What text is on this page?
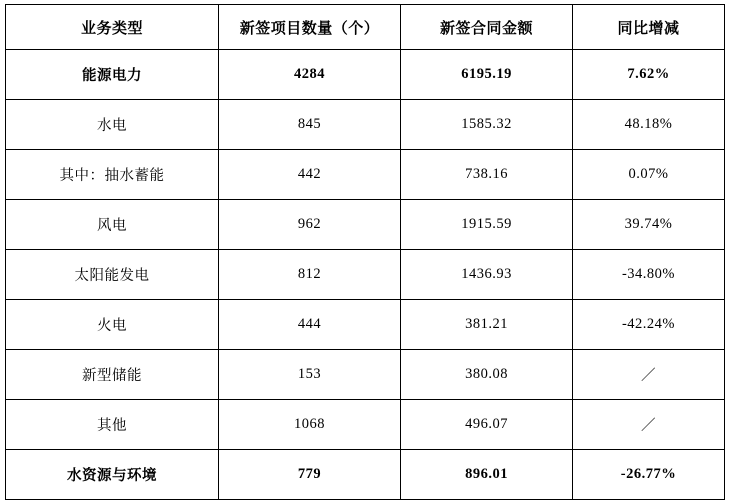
业务类型	新签项目数量（个）	新签合同金额	同比增减
能源电力	4284	6195.19	7.62%
水电	845	1585.32	48.18%
其中：抽水蓄能	442	738.16	0.07%
风电	962	1915.59	39.74%
太阳能发电	812	1436.93	-34.80%
火电	444	381.21	-42.24%
新型储能	153	380.08	／
其他	1068	496.07	／
水资源与环境	779	896.01	-26.77%
